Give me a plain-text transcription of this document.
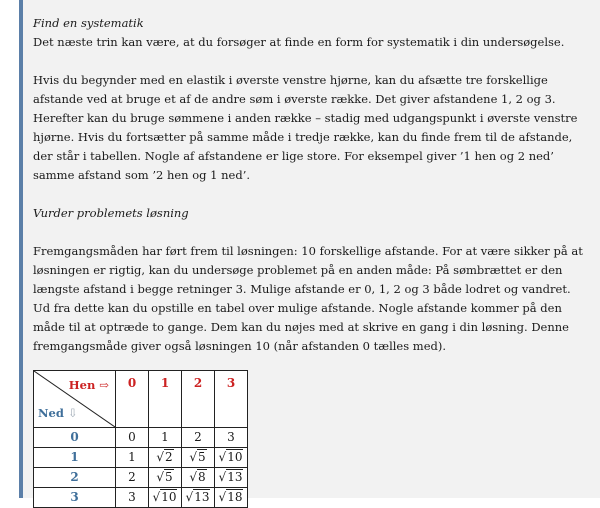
Find en systematik

Det næste trin kan være, at du forsøger at finde en form for systematik i din undersøgelse.

Hvis du begynder med en elastik i øverste venstre hjørne, kan du afsætte tre forskellige afstande ved at bruge et af de andre søm i øverste række. Det giver afstandene 1, 2 og 3. Herefter kan du bruge sømmene i anden række – stadig med udgangspunkt i øverste venstre hjørne. Hvis du fortsætter på samme måde i tredje række, kan du finde frem til de afstande, der står i tabellen. Nogle af afstandene er lige store. For eksempel giver ’1 hen og 2 ned’ samme afstand som ’2 hen og 1 ned’.

Vurder problemets løsning

Fremgangsmåden har ført frem til løsningen: 10 forskellige afstande. For at være sikker på at løsningen er rigtig, kan du undersøge problemet på en anden måde: På sømbrættet er den længste afstand i begge retninger 3. Mulige afstande er 0, 1, 2 og 3 både lodret og vandret. Ud fra dette kan du opstille en tabel over mulige afstande. Nogle afstande kommer på den måde til at optræde to gange. Dem kan du nøjes med at skrive en gang i din løsning. Denne fremgangsmåde giver også løsningen 10 (når afstanden 0 tælles med).

Hen ⇨
Ned ⇩	0	1	2	3
0	0	1	2	3
1	1	√2	√5	√10
2	2	√5	√8	√13
3	3	√10	√13	√18
